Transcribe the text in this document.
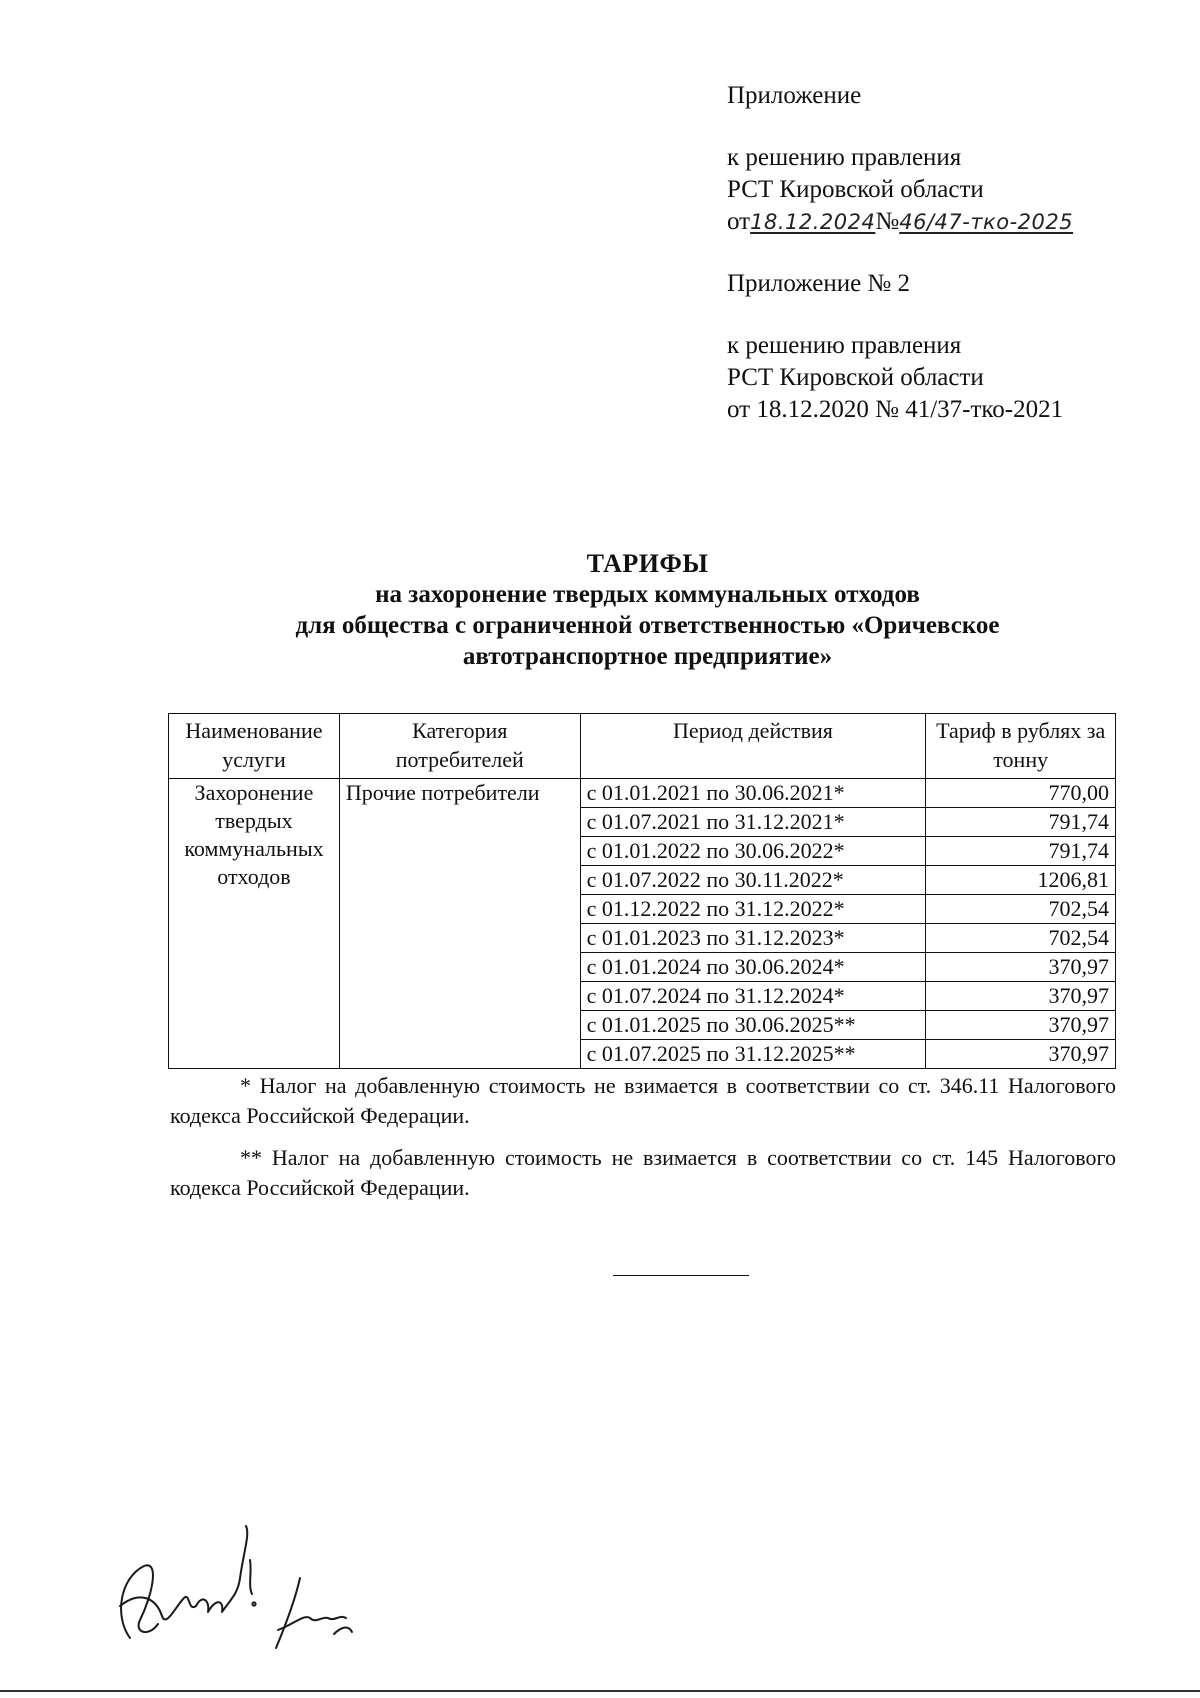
Приложение
к решению правления
РСТ Кировской области
от18.12.2024№46/47-тко-2025
Приложение № 2
к решению правления
РСТ Кировской области
от 18.12.2020 № 41/37-тко-2021
ТАРИФЫ
на захоронение твердых коммунальных отходов
для общества с ограниченной ответственностью «Оричевское
автотранспортное предприятие»
Наименование услуги	Категория потребителей	Период действия	Тариф в рублях за тонну
Захоронение твердых коммунальных отходов	Прочие потребители	с 01.01.2021 по 30.06.2021*	770,00
		с 01.07.2021 по 31.12.2021*	791,74
		с 01.01.2022 по 30.06.2022*	791,74
		с 01.07.2022 по 30.11.2022*	1206,81
		с 01.12.2022 по 31.12.2022*	702,54
		с 01.01.2023 по 31.12.2023*	702,54
		с 01.01.2024 по 30.06.2024*	370,97
		с 01.07.2024 по 31.12.2024*	370,97
		с 01.01.2025 по 30.06.2025**	370,97
		с 01.07.2025 по 31.12.2025**	370,97

* Налог на добавленную стоимость не взимается в соответствии со ст. 346.11 Налогового кодекса Российской Федерации.

** Налог на добавленную стоимость не взимается в соответствии со ст. 145 Налогового кодекса Российской Федерации.
